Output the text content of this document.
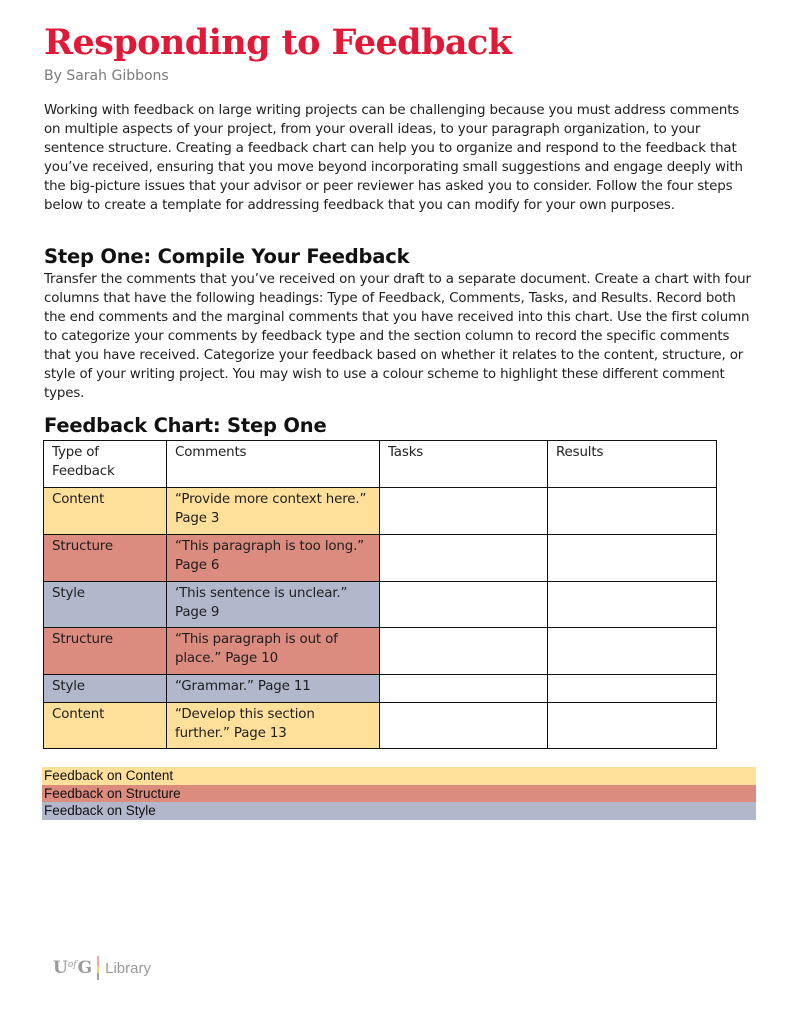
Responding to Feedback
By Sarah Gibbons

Working with feedback on large writing projects can be challenging because you must address comments on multiple aspects of your project, from your overall ideas, to your paragraph organization, to your sentence structure. Creating a feedback chart can help you to organize and respond to the feedback that you’ve received, ensuring that you move beyond incorporating small suggestions and engage deeply with the big-picture issues that your advisor or peer reviewer has asked you to consider. Follow the four steps below to create a template for addressing feedback that you can modify for your own purposes.

Step One: Compile Your Feedback

Transfer the comments that you’ve received on your draft to a separate document. Create a chart with four columns that have the following headings: Type of Feedback, Comments, Tasks, and Results. Record both the end comments and the marginal comments that you have received into this chart. Use the first column to categorize your comments by feedback type and the section column to record the specific comments that you have received. Categorize your feedback based on whether it relates to the content, structure, or style of your writing project. You may wish to use a colour scheme to highlight these different comment types.

Feedback Chart: Step One
Type of Feedback	Comments	Tasks	Results
Content	“Provide more context here.” Page 3		
Structure	“This paragraph is too long.” Page 6		
Style	‘This sentence is unclear.” Page 9		
Structure	“This paragraph is out of place.” Page 10		
Style	“Grammar.” Page 11		
Content	“Develop this section further.” Page 13		
Feedback on Content
Feedback on Structure
Feedback on Style
U of G Library
